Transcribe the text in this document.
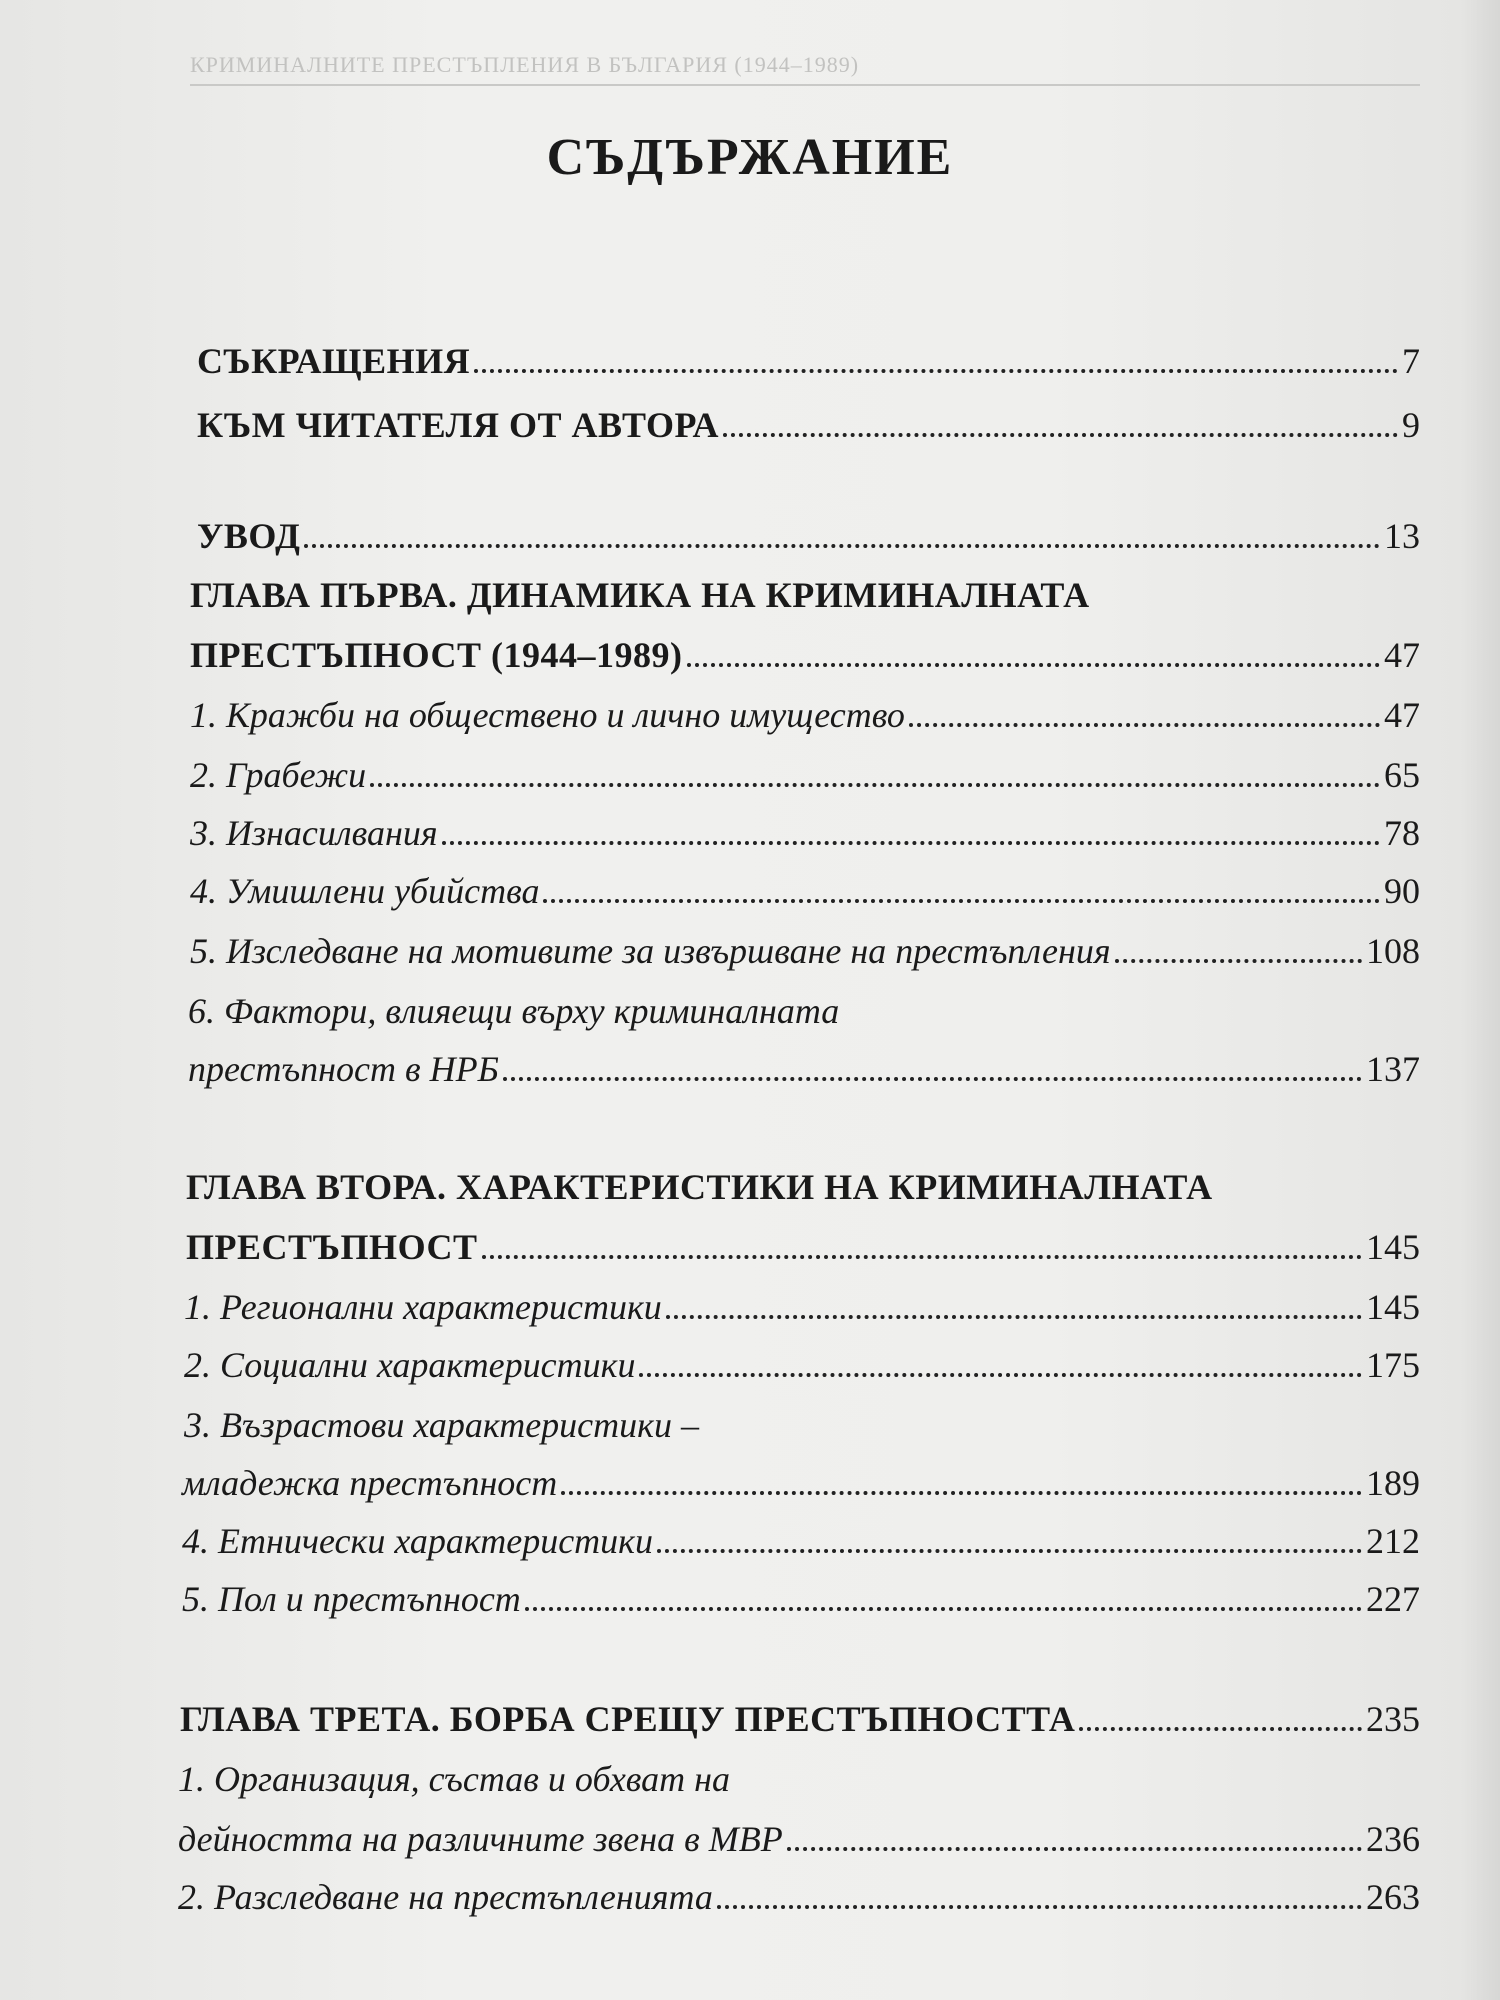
КРИМИНАЛНИТЕ ПРЕСТЪПЛЕНИЯ В БЪЛГАРИЯ (1944–1989)
СЪДЪРЖАНИЕ
СЪКРАЩЕНИЯ	7
КЪМ ЧИТАТЕЛЯ ОТ АВТОРА	9
УВОД	13
ГЛАВА ПЪРВА. ДИНАМИКА НА КРИМИНАЛНАТА
ПРЕСТЪПНОСТ (1944–1989)	47
1. Кражби на обществено и лично имущество	47
2. Грабежи	65
3. Изнасилвания	78
4. Умишлени убийства	90
5. Изследване на мотивите за извършване на престъпления	108
6. Фактори, влияещи върху криминалната
престъпност в НРБ	137
ГЛАВА ВТОРА. ХАРАКТЕРИСТИКИ НА КРИМИНАЛНАТА
ПРЕСТЪПНОСТ	145
1. Регионални характеристики	145
2. Социални характеристики	175
3. Възрастови характеристики –
младежка престъпност	189
4. Етнически характеристики	212
5. Пол и престъпност	227
ГЛАВА ТРЕТА. БОРБА СРЕЩУ ПРЕСТЪПНОСТТА	235
1. Организация, състав и обхват на
дейността на различните звена в МВР	236
2. Разследване на престъпленията	263
